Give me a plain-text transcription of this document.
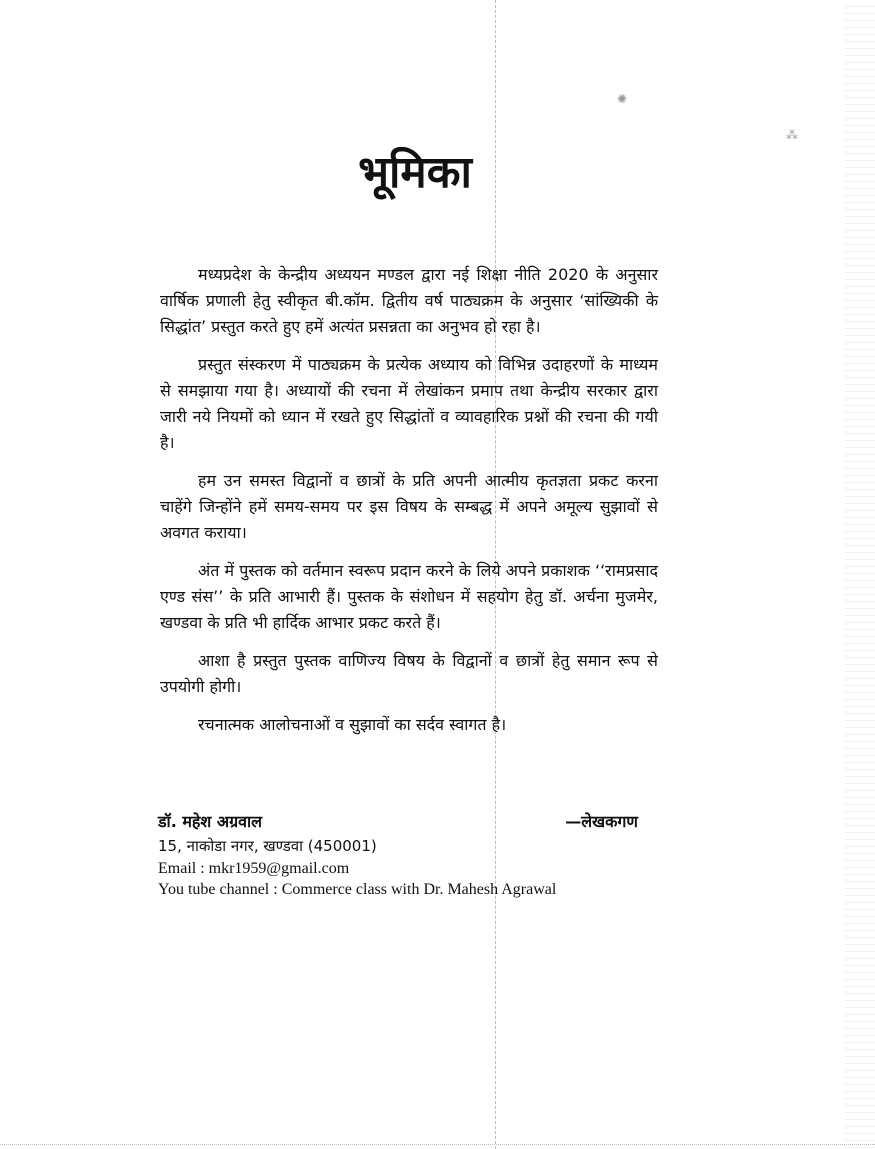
✺
⁂
भूमिका

मध्यप्रदेश के केन्द्रीय अध्ययन मण्डल द्वारा नई शिक्षा नीति 2020 के अनुसार वार्षिक प्रणाली हेतु स्वीकृत बी.कॉम. द्वितीय वर्ष पाठ्यक्रम के अनुसार ‘सांख्यिकी के सिद्धांत’ प्रस्तुत करते हुए हमें अत्यंत प्रसन्नता का अनुभव हो रहा है।

प्रस्तुत संस्करण में पाठ्यक्रम के प्रत्येक अध्याय को विभिन्न उदाहरणों के माध्यम से समझाया गया है। अध्यायों की रचना में लेखांकन प्रमाप तथा केन्द्रीय सरकार द्वारा जारी नये नियमों को ध्यान में रखते हुए सिद्धांतों व व्यावहारिक प्रश्नों की रचना की गयी है।

हम उन समस्त विद्वानों व छात्रों के प्रति अपनी आत्मीय कृतज्ञता प्रकट करना चाहेंगे जिन्होंने हमें समय-समय पर इस विषय के सम्बद्ध में अपने अमूल्य सुझावों से अवगत कराया।

अंत में पुस्तक को वर्तमान स्वरूप प्रदान करने के लिये अपने प्रकाशक ‘‘रामप्रसाद एण्ड संस’’ के प्रति आभारी हैं। पुस्तक के संशोधन में सहयोग हेतु डॉ. अर्चना मुजमेर, खण्डवा के प्रति भी हार्दिक आभार प्रकट करते हैं।

आशा है प्रस्तुत पुस्तक वाणिज्य विषय के विद्वानों व छात्रों हेतु समान रूप से उपयोगी होगी।

रचनात्मक आलोचनाओं व सुझावों का सर्दव स्वागत है।

डॉ. महेश अग्रवाल	—लेखकगण
15, नाकोडा नगर, खण्डवा (450001)
Email : mkr1959@gmail.com
You tube channel : Commerce class with Dr. Mahesh Agrawal
